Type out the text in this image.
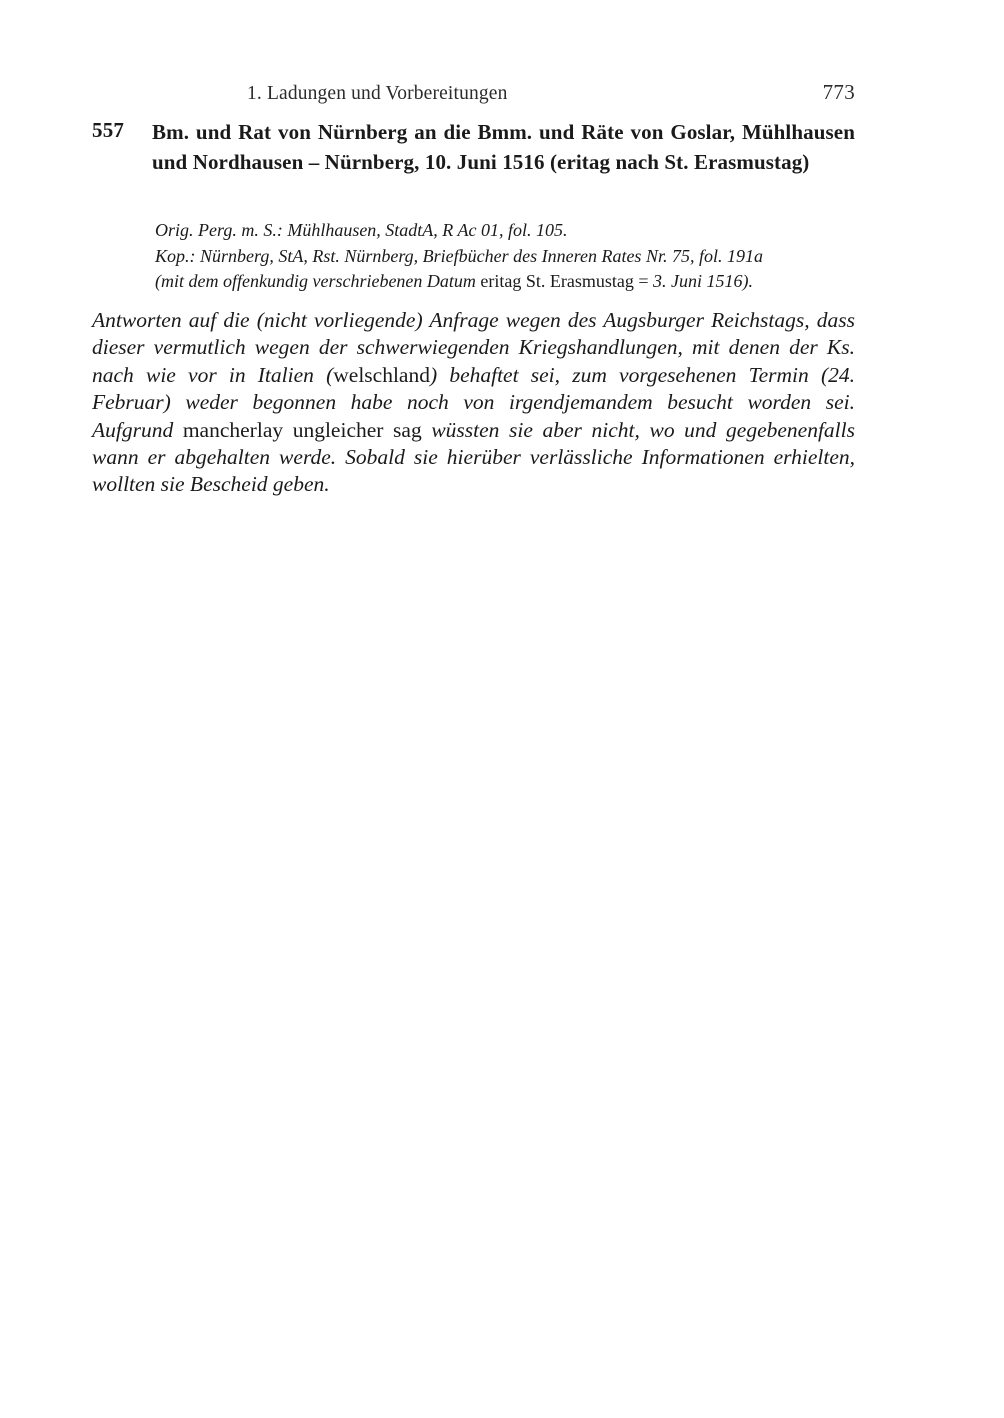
1. Ladungen und Vorbereitungen	773
557	Bm. und Rat von Nürnberg an die Bmm. und Räte von Goslar, Mühlhausen und Nordhausen – Nürnberg, 10. Juni 1516 (eritag nach St. Erasmustag)
Orig. Perg. m. S.: Mühlhausen, StadtA, R Ac 01, fol. 105.
Kop.: Nürnberg, StA, Rst. Nürnberg, Briefbücher des Inneren Rates Nr. 75, fol. 191a
(mit dem offenkundig verschriebenen Datum eritag St. Erasmustag = 3. Juni 1516).
Antworten auf die (nicht vorliegende) Anfrage wegen des Augsburger Reichstags, dass dieser vermutlich wegen der schwerwiegenden Kriegshandlungen, mit denen der Ks. nach wie vor in Italien (welschland) behaftet sei, zum vorgesehenen Termin (24. Februar) weder begonnen habe noch von irgendjemandem besucht worden sei. Aufgrund mancherlay ungleicher sag wüssten sie aber nicht, wo und gegebenenfalls wann er abgehalten werde. Sobald sie hierüber verlässliche Informationen erhielten, wollten sie Bescheid geben.
